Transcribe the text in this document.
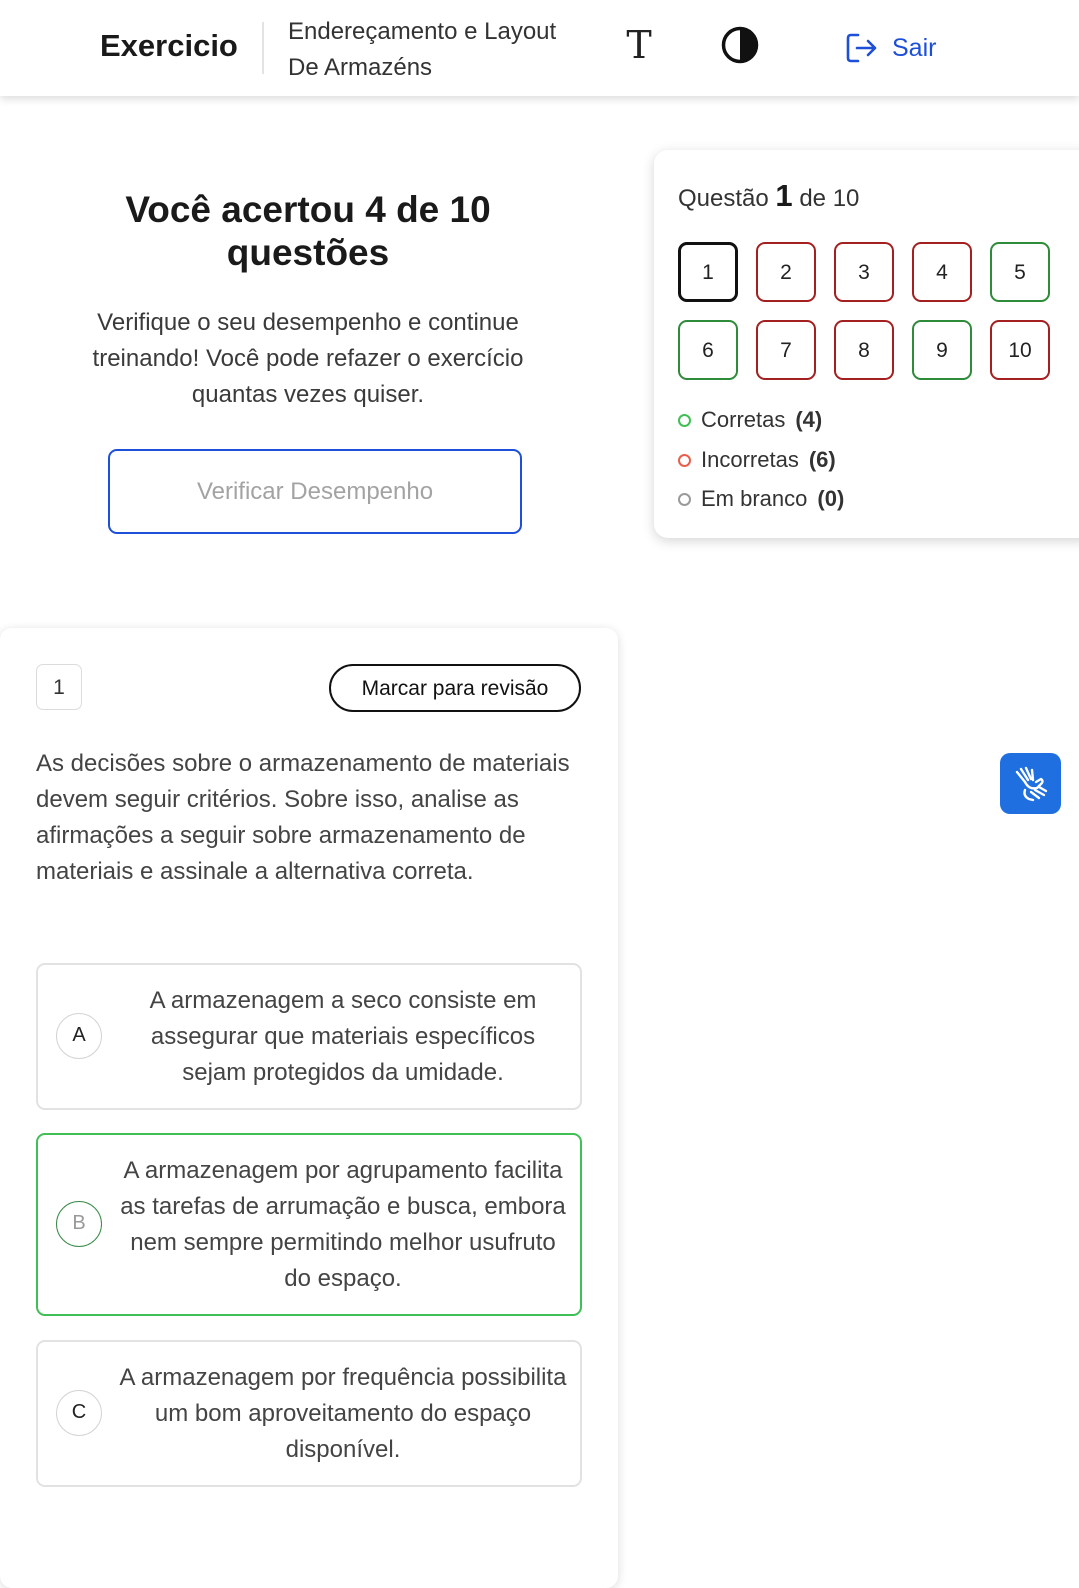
Exercicio Endereçamento e Layout
De Armazéns
T	Sair
Você acertou 4 de 10 questões
Verifique o seu desempenho e continue treinando! Você pode refazer o exercício quantas vezes quiser.
Verificar Desempenho
Questão 1 de 10
1	2	3	4	5
6	7	8	9	10
Corretas (4)
Incorretas (6)
Em branco (0)
1	Marcar para revisão
As decisões sobre o armazenamento de materiais devem seguir critérios. Sobre isso, analise as afirmações a seguir sobre armazenamento de materiais e assinale a alternativa correta.
A
A armazenagem a seco consiste em assegurar que materiais específicos sejam protegidos da umidade.
B
A armazenagem por agrupamento facilita as tarefas de arrumação e busca, embora nem sempre permitindo melhor usufruto do espaço.
C
A armazenagem por frequência possibilita um bom aproveitamento do espaço disponível.
